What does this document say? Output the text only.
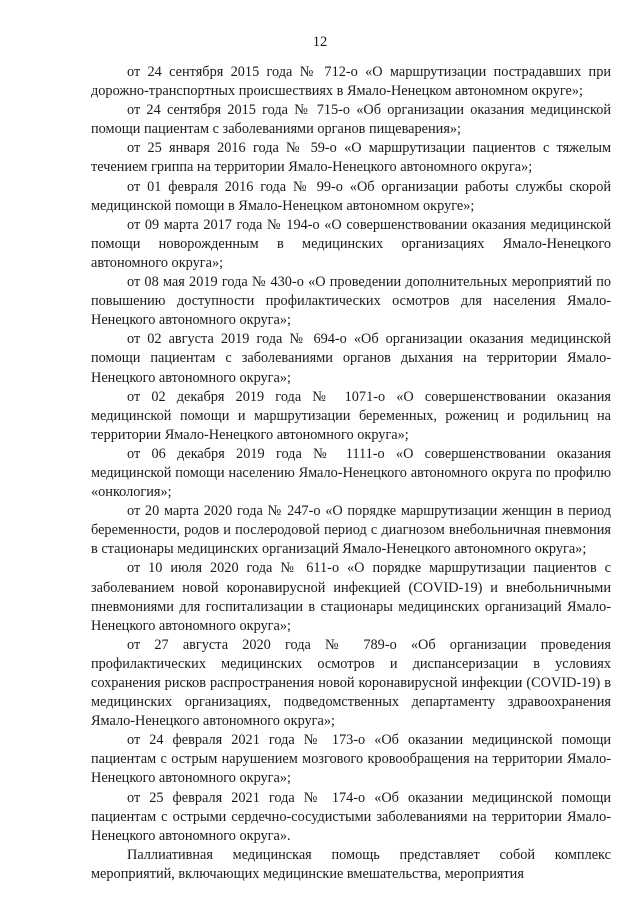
12

от 24 сентября 2015 года № 712-о «О маршрутизации пострадавших при дорожно-транспортных происшествиях в Ямало-Ненецком автономном округе»;

от 24 сентября 2015 года № 715-о «Об организации оказания медицинской помощи пациентам с заболеваниями органов пищеварения»;

от 25 января 2016 года № 59-о «О маршрутизации пациентов с тяжелым течением гриппа на территории Ямало-Ненецкого автономного округа»;

от 01 февраля 2016 года № 99-о «Об организации работы службы скорой медицинской помощи в Ямало-Ненецком автономном округе»;

от 09 марта 2017 года № 194-о «О совершенствовании оказания медицинской помощи новорожденным в медицинских организациях Ямало-Ненецкого автономного округа»;

от 08 мая 2019 года № 430-о «О проведении дополнительных мероприятий по повышению доступности профилактических осмотров для населения Ямало-Ненецкого автономного округа»;

от 02 августа 2019 года № 694-о «Об организации оказания медицинской помощи пациентам с заболеваниями органов дыхания на территории Ямало-Ненецкого автономного округа»;

от 02 декабря 2019 года № 1071-о «О совершенствовании оказания медицинской помощи и маршрутизации беременных, рожениц и родильниц на территории Ямало-Ненецкого автономного округа»;

от 06 декабря 2019 года № 1111-о «О совершенствовании оказания медицинской помощи населению Ямало-Ненецкого автономного округа по профилю «онкология»;

от 20 марта 2020 года № 247-о «О порядке маршрутизации женщин в период беременности, родов и послеродовой период с диагнозом внебольничная пневмония в стационары медицинских организаций Ямало-Ненецкого автономного округа»;

от 10 июля 2020 года № 611-о «О порядке маршрутизации пациентов с заболеванием новой коронавирусной инфекцией (COVID-19) и внебольничными пневмониями для госпитализации в стационары медицинских организаций Ямало-Ненецкого автономного округа»;

от 27 августа 2020 года № 789-о «Об организации проведения профилактических медицинских осмотров и диспансеризации в условиях сохранения рисков распространения новой коронавирусной инфекции (COVID-19) в медицинских организациях, подведомственных департаменту здравоохранения Ямало-Ненецкого автономного округа»;

от 24 февраля 2021 года № 173-о «Об оказании медицинской помощи пациентам с острым нарушением мозгового кровообращения на территории Ямало-Ненецкого автономного округа»;

от 25 февраля 2021 года № 174-о «Об оказании медицинской помощи пациентам с острыми сердечно-сосудистыми заболеваниями на территории Ямало-Ненецкого автономного округа».

Паллиативная медицинская помощь представляет собой комплекс мероприятий, включающих медицинские вмешательства, мероприятия
